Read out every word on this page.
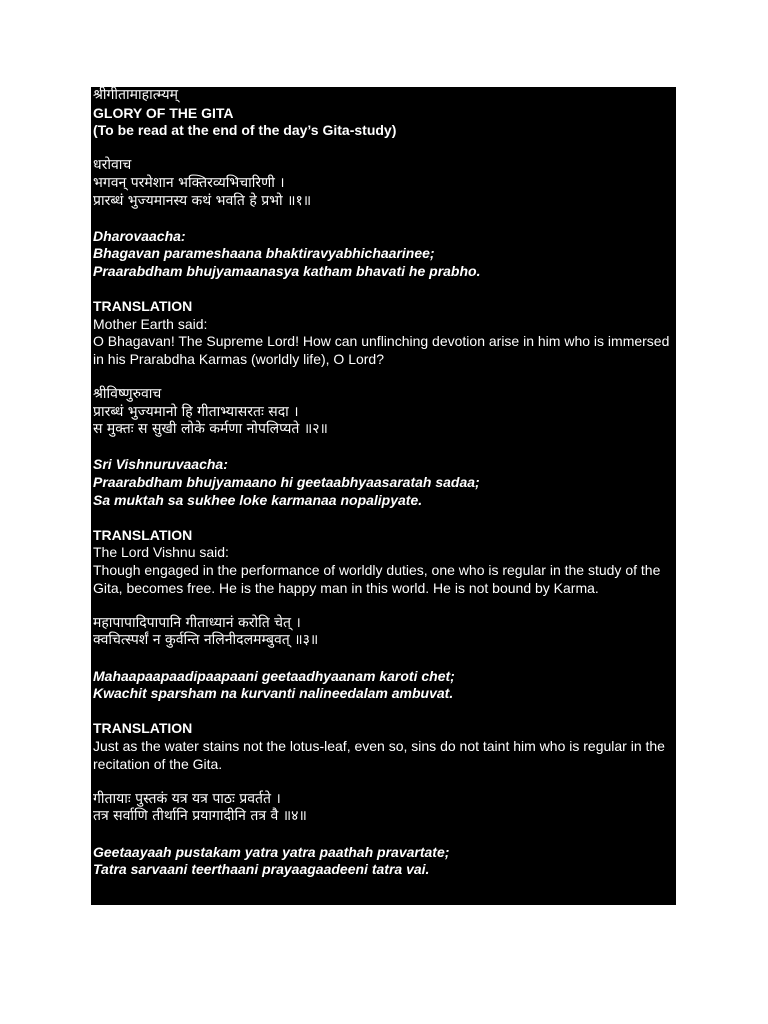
श्रीगीतामाहात्म्यम्
GLORY OF THE GITA
(To be read at the end of the day’s Gita-study)
धरोवाच
भगवन् परमेशान भक्तिरव्यभिचारिणी ।
प्रारब्धं भुज्यमानस्य कथं भवति हे प्रभो ॥१॥
Dharovaacha:
Bhagavan parameshaana bhaktiravyabhichaarinee;
Praarabdham bhujyamaanasya katham bhavati he prabho.
TRANSLATION
Mother Earth said:
O Bhagavan! The Supreme Lord! How can unflinching devotion arise in him who is immersed in his Prarabdha Karmas (worldly life), O Lord?
श्रीविष्णुरुवाच
प्रारब्धं भुज्यमानो हि गीताभ्यासरतः सदा ।
स मुक्तः स सुखी लोके कर्मणा नोपलिप्यते ॥२॥
Sri Vishnuruvaacha:
Praarabdham bhujyamaano hi geetaabhyaasaratah sadaa;
Sa muktah sa sukhee loke karmanaa nopalipyate.
TRANSLATION
The Lord Vishnu said:
Though engaged in the performance of worldly duties, one who is regular in the study of the Gita, becomes free. He is the happy man in this world. He is not bound by Karma.
महापापादिपापानि गीताध्यानं करोति चेत् ।
क्वचित्स्पर्शं न कुर्वन्ति नलिनीदलमम्बुवत् ॥३॥
Mahaapaapaadipaapaani geetaadhyaanam karoti chet;
Kwachit sparsham na kurvanti nalineedalam ambuvat.
TRANSLATION
Just as the water stains not the lotus-leaf, even so, sins do not taint him who is regular in the recitation of the Gita.
गीतायाः पुस्तकं यत्र यत्र पाठः प्रवर्तते ।
तत्र सर्वाणि तीर्थानि प्रयागादीनि तत्र वै ॥४॥
Geetaayaah pustakam yatra yatra paathah pravartate;
Tatra sarvaani teerthaani prayaagaadeeni tatra vai.
